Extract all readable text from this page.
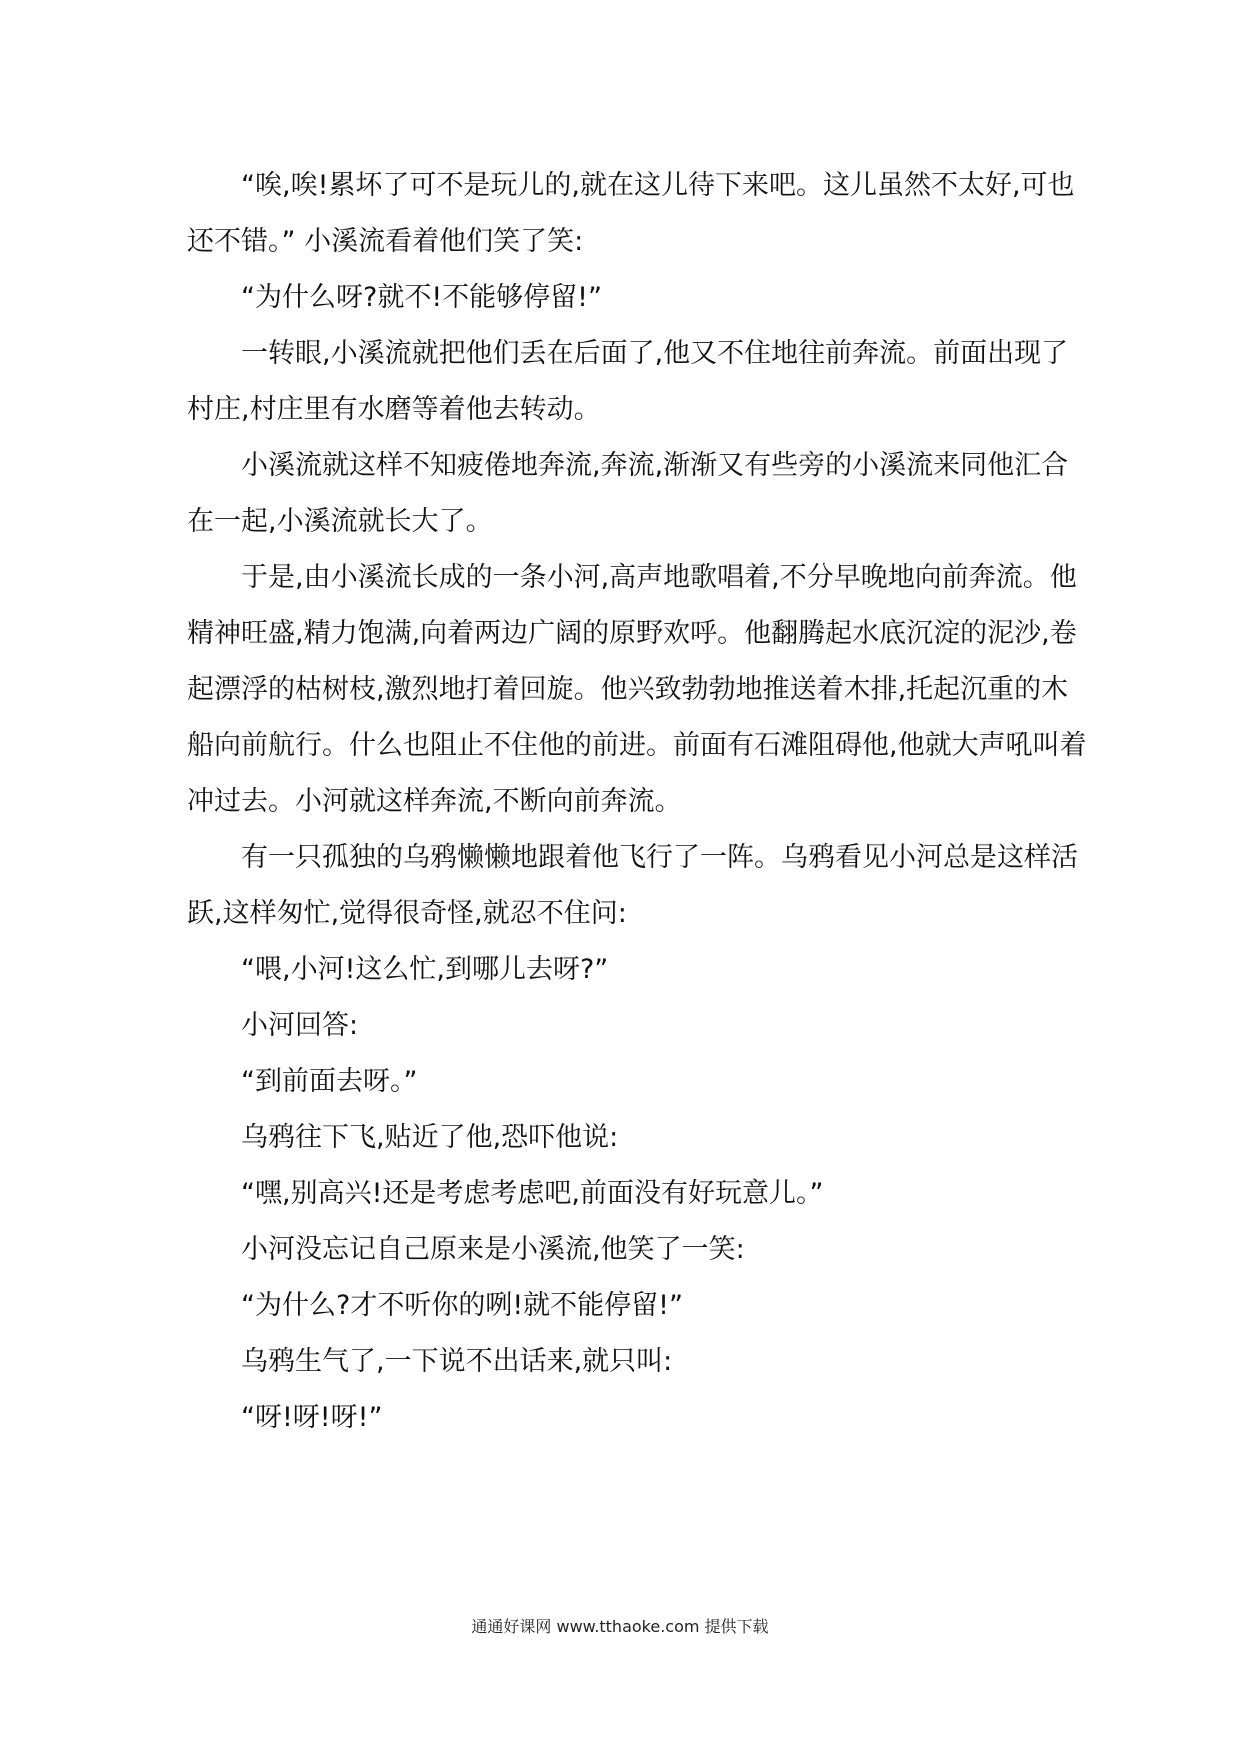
“唉,唉!累坏了可不是玩儿的,就在这儿待下来吧。这儿虽然不太好,可也还不错。” 小溪流看着他们笑了笑:

“为什么呀?就不!不能够停留!”

一转眼,小溪流就把他们丢在后面了,他又不住地往前奔流。前面出现了村庄,村庄里有水磨等着他去转动。

小溪流就这样不知疲倦地奔流,奔流,渐渐又有些旁的小溪流来同他汇合在一起,小溪流就长大了。

于是,由小溪流长成的一条小河,高声地歌唱着,不分早晚地向前奔流。他精神旺盛,精力饱满,向着两边广阔的原野欢呼。他翻腾起水底沉淀的泥沙,卷起漂浮的枯树枝,激烈地打着回旋。他兴致勃勃地推送着木排,托起沉重的木船向前航行。什么也阻止不住他的前进。前面有石滩阻碍他,他就大声吼叫着冲过去。小河就这样奔流,不断向前奔流。

有一只孤独的乌鸦懒懒地跟着他飞行了一阵。乌鸦看见小河总是这样活跃,这样匆忙,觉得很奇怪,就忍不住问:

“喂,小河!这么忙,到哪儿去呀?”

小河回答:

“到前面去呀。”

乌鸦往下飞,贴近了他,恐吓他说:

“嘿,别高兴!还是考虑考虑吧,前面没有好玩意儿。”

小河没忘记自己原来是小溪流,他笑了一笑:

“为什么?才不听你的咧!就不能停留!”

乌鸦生气了,一下说不出话来,就只叫:

“呀!呀!呀!”

通通好课网 www.tthaoke.com 提供下载
